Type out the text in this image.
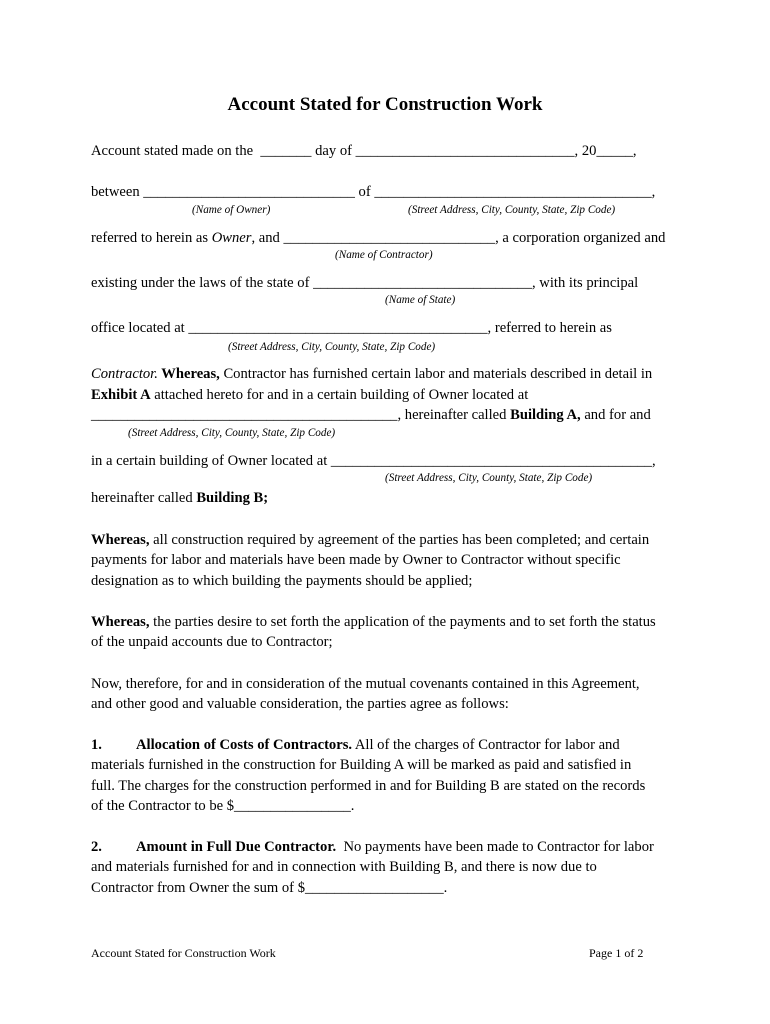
Account Stated for Construction Work
Account stated made on the  _______ day of ______________________________, 20_____,
between _____________________________ of ______________________________________,
(Name of Owner)	(Street Address, City, County, State, Zip Code)
referred to herein as Owner, and _____________________________, a corporation organized and
(Name of Contractor)
existing under the laws of the state of ______________________________, with its principal
(Name of State)
office located at _________________________________________, referred to herein as
(Street Address, City, County, State, Zip Code)
Contractor. Whereas, Contractor has furnished certain labor and materials described in detail in
Exhibit A attached hereto for and in a certain building of Owner located at
__________________________________________, hereinafter called Building A, and for and
(Street Address, City, County, State, Zip Code)
in a certain building of Owner located at ____________________________________________,
(Street Address, City, County, State, Zip Code)
hereinafter called Building B;
Whereas, all construction required by agreement of the parties has been completed; and certain
payments for labor and materials have been made by Owner to Contractor without specific
designation as to which building the payments should be applied;
Whereas, the parties desire to set forth the application of the payments and to set forth the status
of the unpaid accounts due to Contractor;
Now, therefore, for and in consideration of the mutual covenants contained in this Agreement,
and other good and valuable consideration, the parties agree as follows:
1. Allocation of Costs of Contractors. All of the charges of Contractor for labor and
materials furnished in the construction for Building A will be marked as paid and satisfied in
full. The charges for the construction performed in and for Building B are stated on the records
of the Contractor to be $________________.
2. Amount in Full Due Contractor.  No payments have been made to Contractor for labor
and materials furnished for and in connection with Building B, and there is now due to
Contractor from Owner the sum of $___________________.
Account Stated for Construction Work	Page 1 of 2
